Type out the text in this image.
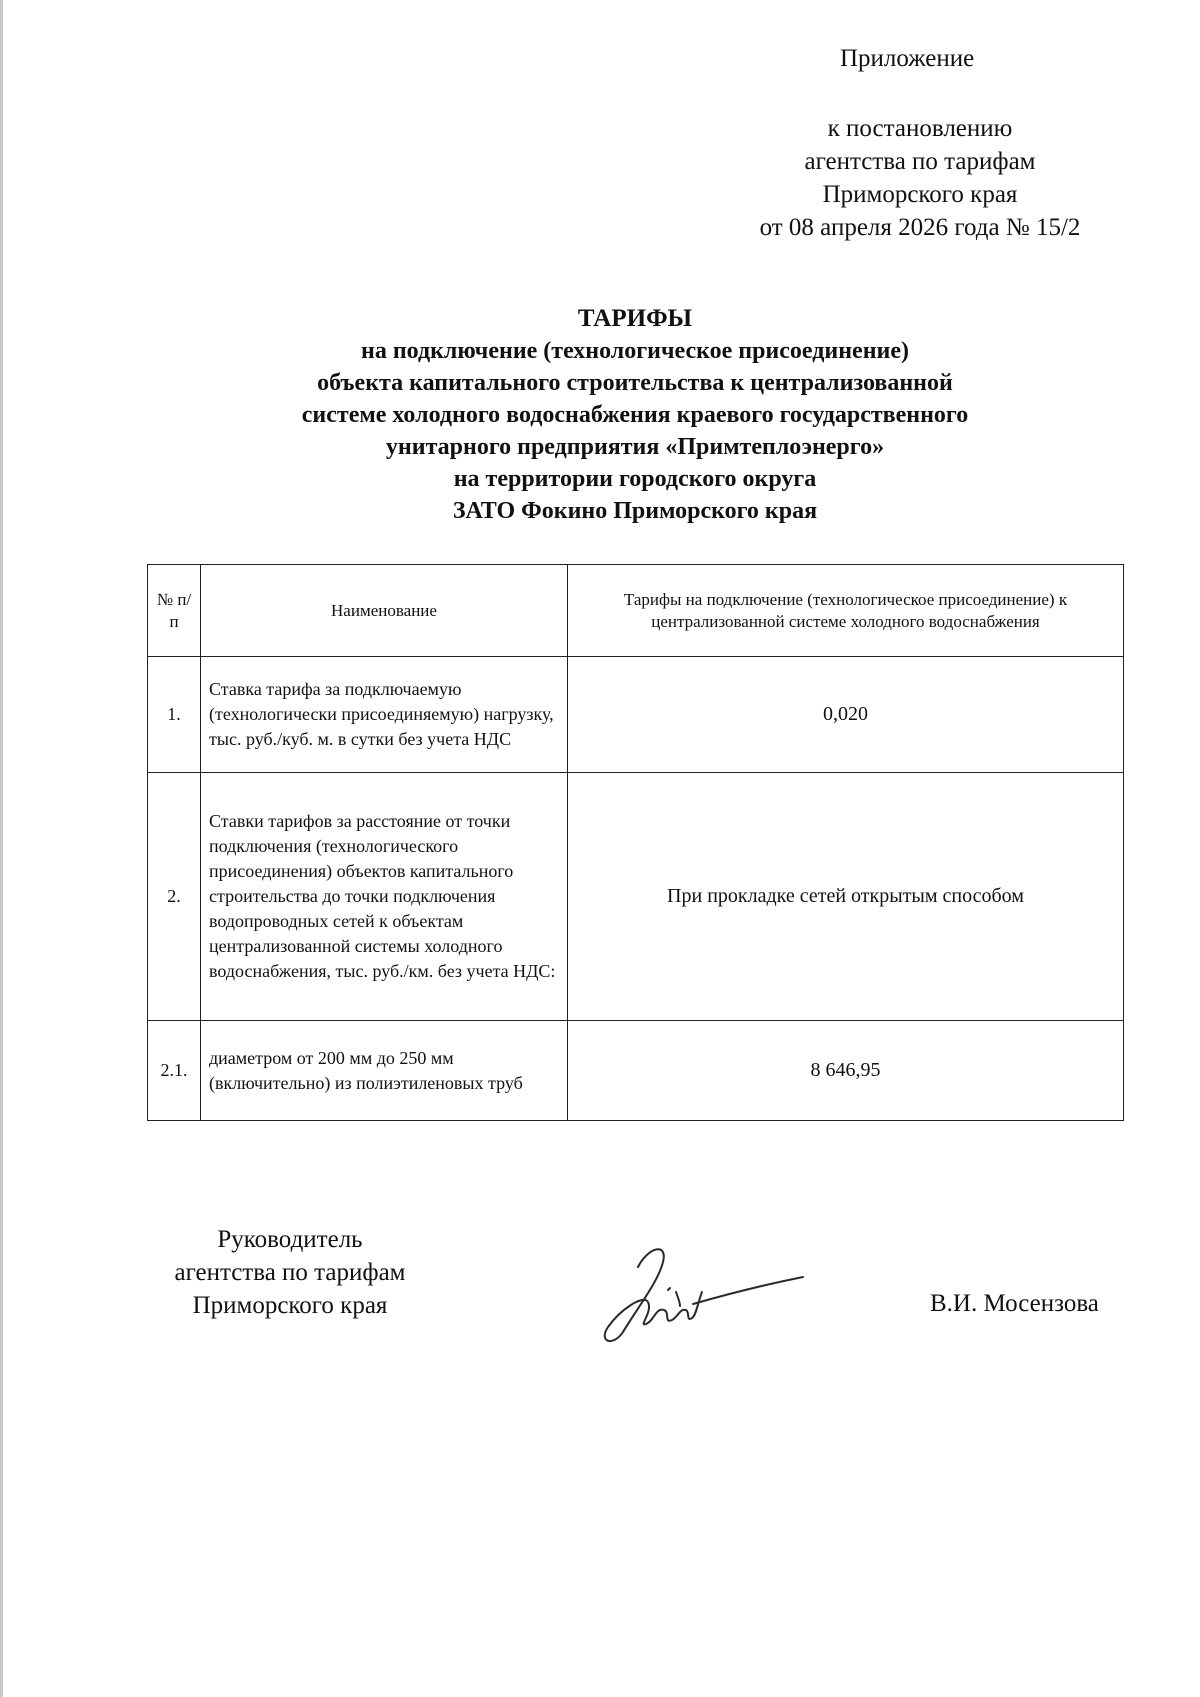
Приложение
к постановлению
агентства по тарифам
Приморского края
от 08 апреля 2026 года № 15/2
ТАРИФЫ
на подключение (технологическое присоединение)
объекта капитального строительства к централизованной
системе холодного водоснабжения краевого государственного
унитарного предприятия «Примтеплоэнерго»
на территории городского округа
ЗАТО Фокино Приморского края
№ п/п	Наименование	Тарифы на подключение (технологическое присоединение) к централизованной системе холодного водоснабжения
1.	Ставка тарифа за подключаемую (технологически присоединяемую) нагрузку, тыс. руб./куб. м. в сутки без учета НДС	0,020
2.	Ставки тарифов за расстояние от точки подключения (технологического присоединения) объектов капитального строительства до точки подключения водопроводных сетей к объектам централизованной системы холодного водоснабжения, тыс. руб./км. без учета НДС:	При прокладке сетей открытым способом
2.1.	диаметром от 200 мм до 250 мм (включительно) из полиэтиленовых труб	8 646,95
Руководитель
агентства по тарифам
Приморского края	В.И. Мосензова
